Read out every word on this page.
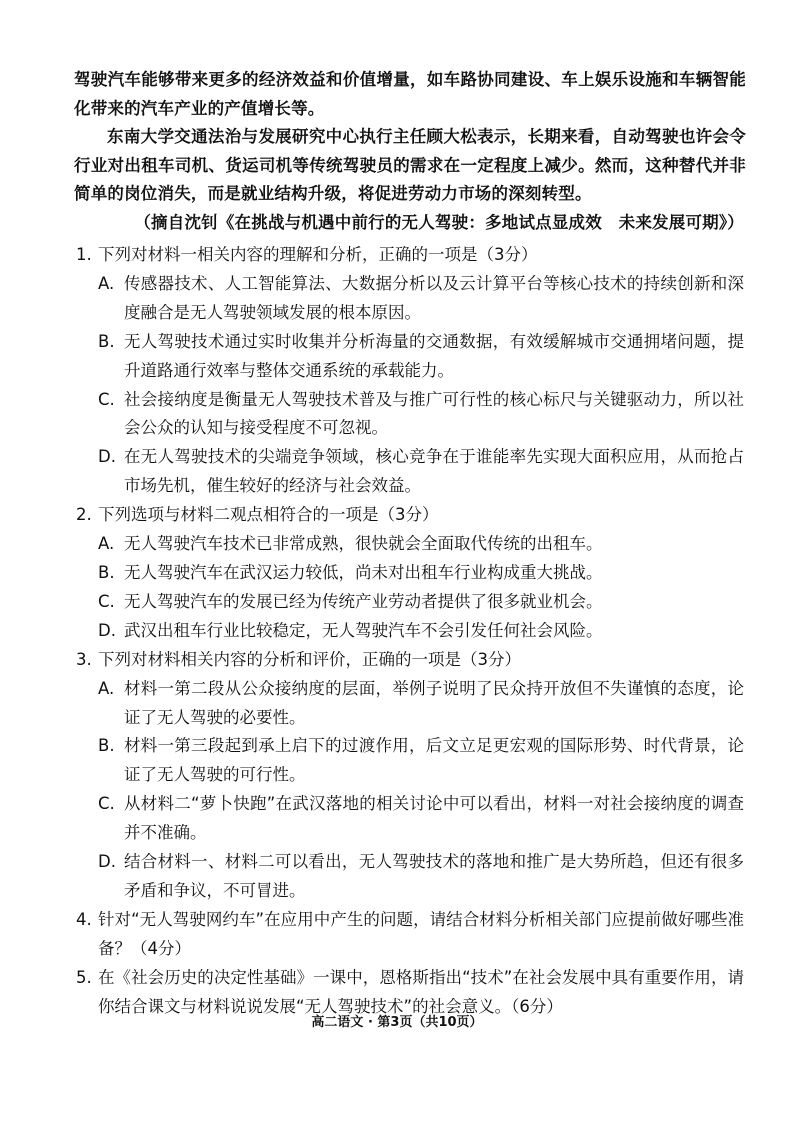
驾驶汽车能够带来更多的经济效益和价值增量，如车路协同建设、车上娱乐设施和车辆智能化带来的汽车产业的产值增长等。

东南大学交通法治与发展研究中心执行主任顾大松表示，长期来看，自动驾驶也许会令行业对出租车司机、货运司机等传统驾驶员的需求在一定程度上减少。然而，这种替代并非简单的岗位消失，而是就业结构升级，将促进劳动力市场的深刻转型。

（摘自沈钊《在挑战与机遇中前行的无人驾驶：多地试点显成效　未来发展可期》）

1. 下列对材料一相关内容的理解和分析，正确的一项是（3分）
A. 传感器技术、人工智能算法、大数据分析以及云计算平台等核心技术的持续创新和深度融合是无人驾驶领域发展的根本原因。
B. 无人驾驶技术通过实时收集并分析海量的交通数据，有效缓解城市交通拥堵问题，提升道路通行效率与整体交通系统的承载能力。
C. 社会接纳度是衡量无人驾驶技术普及与推广可行性的核心标尺与关键驱动力，所以社会公众的认知与接受程度不可忽视。
D. 在无人驾驶技术的尖端竞争领域，核心竞争在于谁能率先实现大面积应用，从而抢占市场先机，催生较好的经济与社会效益。
2. 下列选项与材料二观点相符合的一项是（3分）
A. 无人驾驶汽车技术已非常成熟，很快就会全面取代传统的出租车。
B. 无人驾驶汽车在武汉运力较低，尚未对出租车行业构成重大挑战。
C. 无人驾驶汽车的发展已经为传统产业劳动者提供了很多就业机会。
D. 武汉出租车行业比较稳定，无人驾驶汽车不会引发任何社会风险。
3. 下列对材料相关内容的分析和评价，正确的一项是（3分）
A. 材料一第二段从公众接纳度的层面，举例子说明了民众持开放但不失谨慎的态度，论证了无人驾驶的必要性。
B. 材料一第三段起到承上启下的过渡作用，后文立足更宏观的国际形势、时代背景，论证了无人驾驶的可行性。
C. 从材料二“萝卜快跑”在武汉落地的相关讨论中可以看出，材料一对社会接纳度的调查并不准确。
D. 结合材料一、材料二可以看出，无人驾驶技术的落地和推广是大势所趋，但还有很多矛盾和争议，不可冒进。
4. 针对“无人驾驶网约车”在应用中产生的问题，请结合材料分析相关部门应提前做好哪些准备？（4分）
5. 在《社会历史的决定性基础》一课中，恩格斯指出“技术”在社会发展中具有重要作用，请你结合课文与材料说说发展“无人驾驶技术”的社会意义。（6分）
高二语文 · 第3页（共10页）
